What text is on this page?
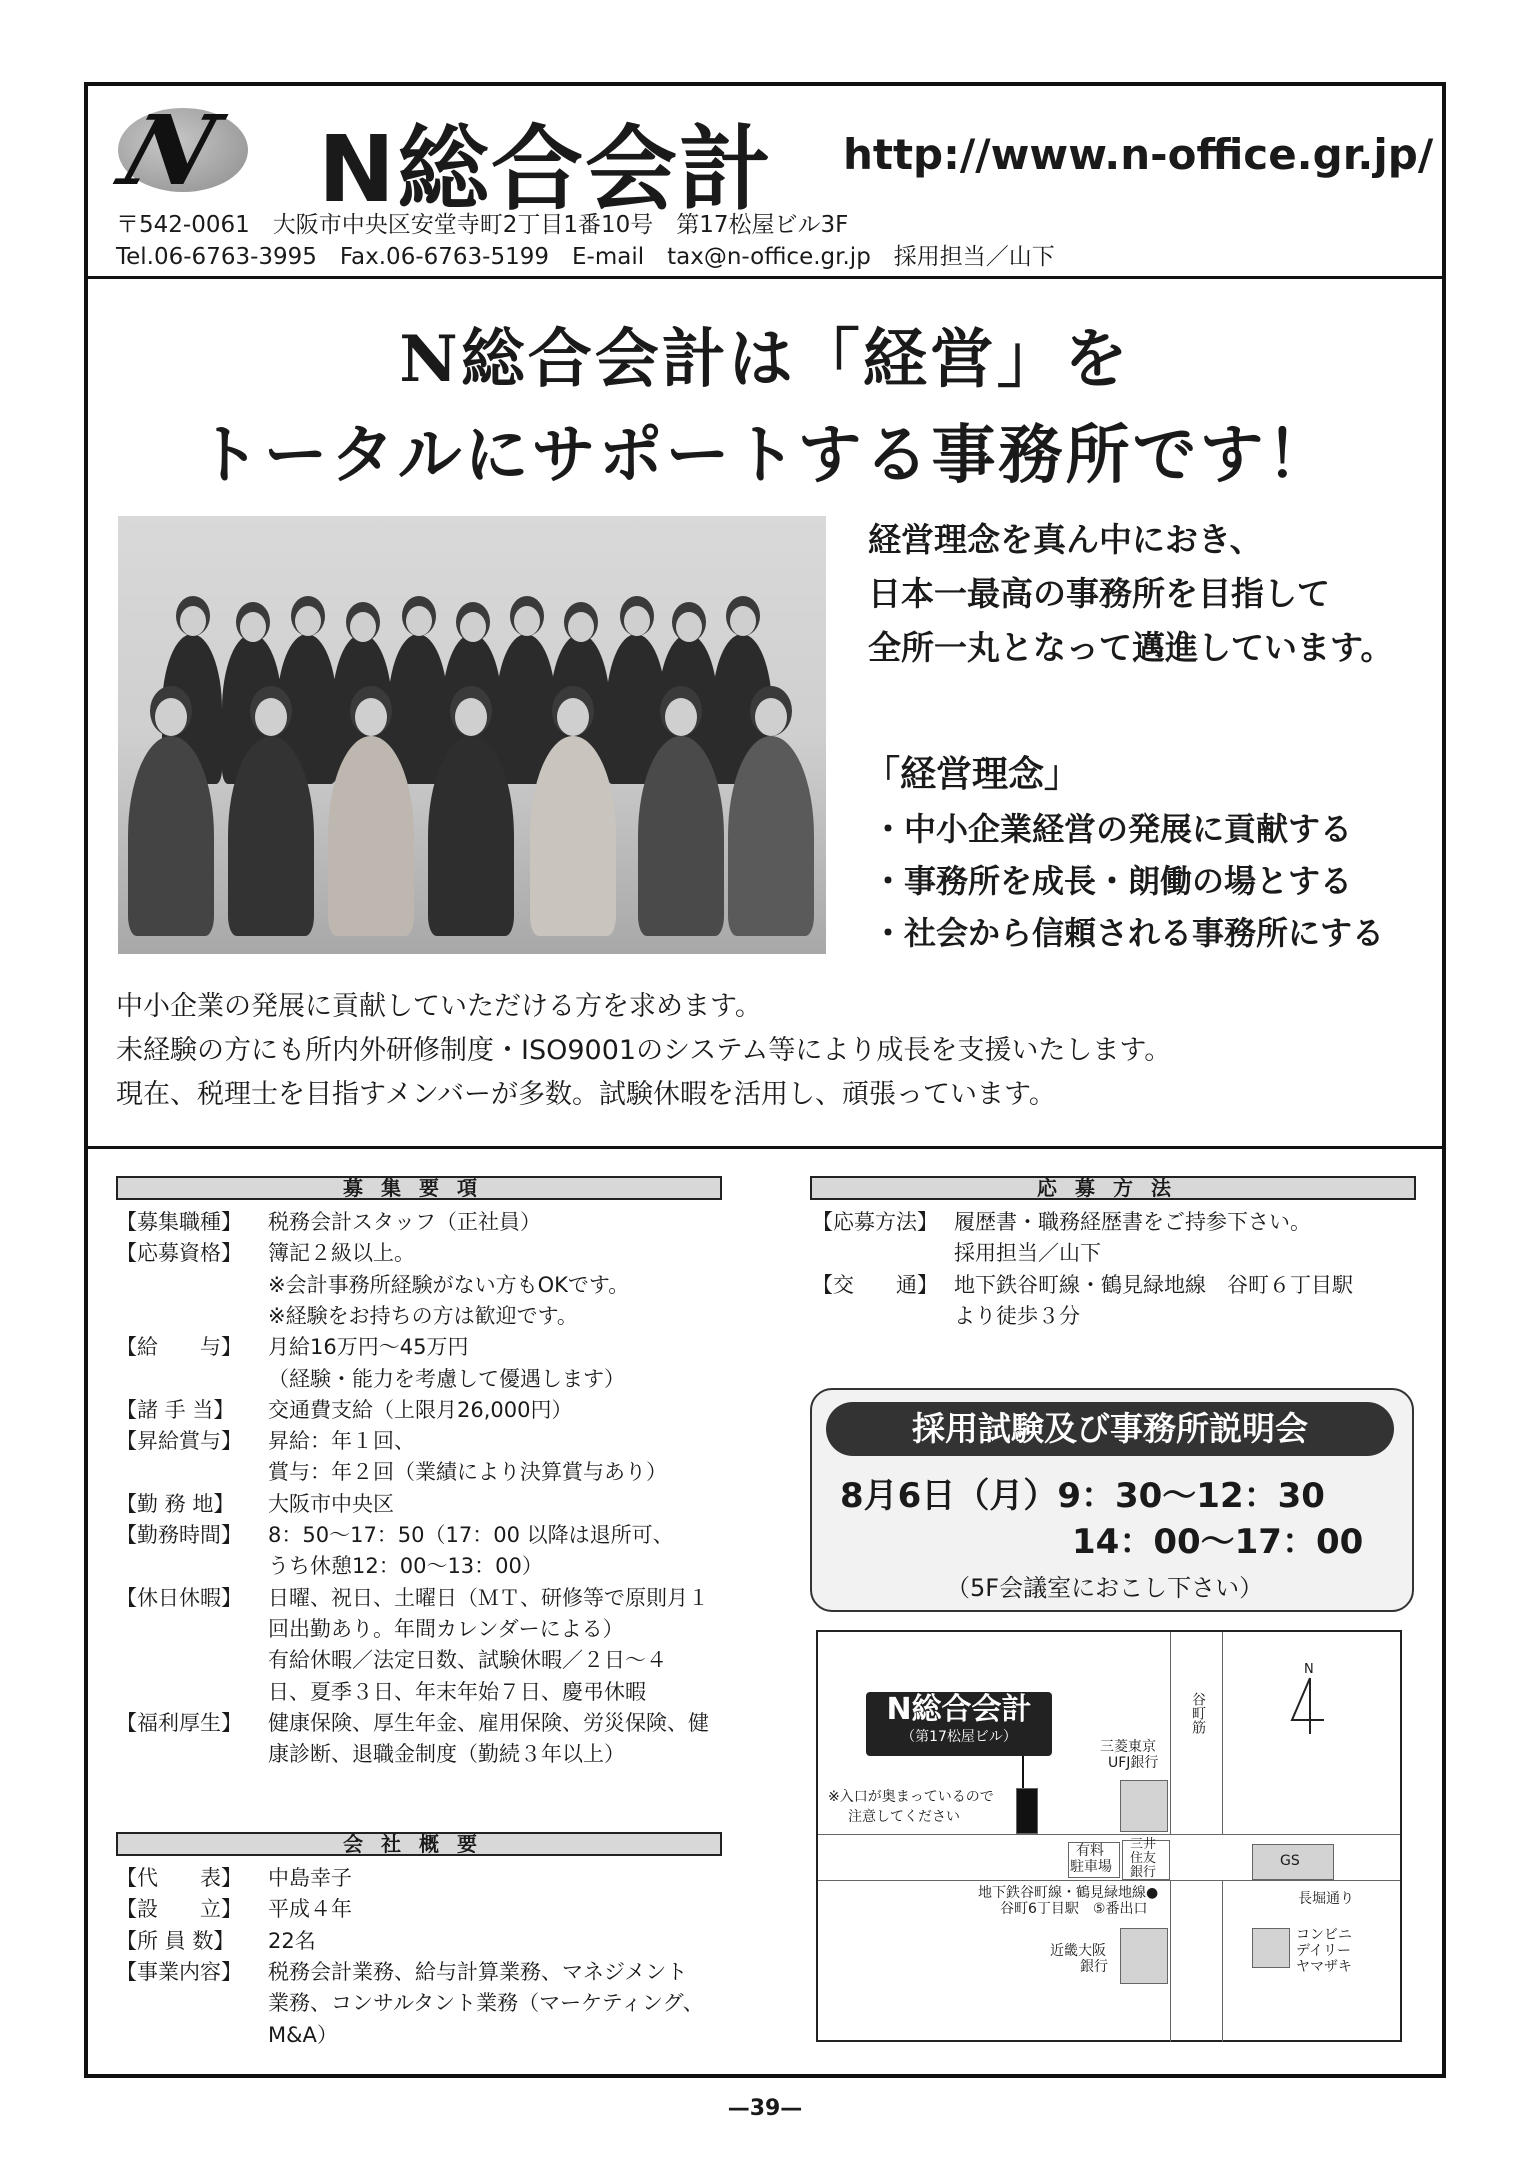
N N総合会計 http://www.n-office.gr.jp/
〒542-0061　大阪市中央区安堂寺町2丁目1番10号　第17松屋ビル3F
Tel.06-6763-3995　Fax.06-6763-5199　E-mail　tax@n-office.gr.jp　採用担当／山下
N総合会計は「経営」を
トータルにサポートする事務所です！
経営理念を真ん中におき、
日本一最高の事務所を目指して
全所一丸となって邁進しています。
「経営理念」
・中小企業経営の発展に貢献する
・事務所を成長・朗働の場とする
・社会から信頼される事務所にする
中小企業の発展に貢献していただける方を求めます。
未経験の方にも所内外研修制度・ISO9001のシステム等により成長を支援いたします。
現在、税理士を目指すメンバーが多数。試験休暇を活用し、頑張っています。
募集要項
【募集職種】 税務会計スタッフ（正社員）
【応募資格】 簿記２級以上。
※会計事務所経験がない方もOKです。
※経験をお持ちの方は歓迎です。
【給　　与】 月給16万円〜45万円
（経験・能力を考慮して優遇します）
【諸 手 当】 交通費支給（上限月26,000円）
【昇給賞与】 昇給：年１回、
賞与：年２回（業績により決算賞与あり）
【勤 務 地】 大阪市中央区
【勤務時間】 8：50〜17：50（17：00 以降は退所可、
うち休憩12：00〜13：00）
【休日休暇】 日曜、祝日、土曜日（ＭＴ、研修等で原則月１
回出勤あり。年間カレンダーによる）
有給休暇／法定日数、試験休暇／２日〜４
日、夏季３日、年末年始７日、慶弔休暇
【福利厚生】 健康保険、厚生年金、雇用保険、労災保険、健
康診断、退職金制度（勤続３年以上）
会社概要
【代　　表】 中島幸子
【設　　立】 平成４年
【所 員 数】 22名
【事業内容】 税務会計業務、給与計算業務、マネジメント
業務、コンサルタント業務（マーケティング、
M&A）
応募方法
【応募方法】 履歴書・職務経歴書をご持参下さい。
採用担当／山下
【交　　通】 地下鉄谷町線・鶴見緑地線　谷町６丁目駅
より徒歩３分
採用試験及び事務所説明会
8月6日（月）9：30〜12：30
14：00〜17：00
（5F会議室におこし下さい）
N総合会計
（第17松屋ビル）
※入口が奥まっているので
注意してください
三菱東京
UFJ銀行
谷町筋
N
有料
駐車場
三井住友銀行
GS
地下鉄谷町線・鶴見緑地線●
谷町6丁目駅　⑤番出口
長堀通り
近畿大阪
銀行
コンビニ
デイリー
ヤマザキ
—39—
